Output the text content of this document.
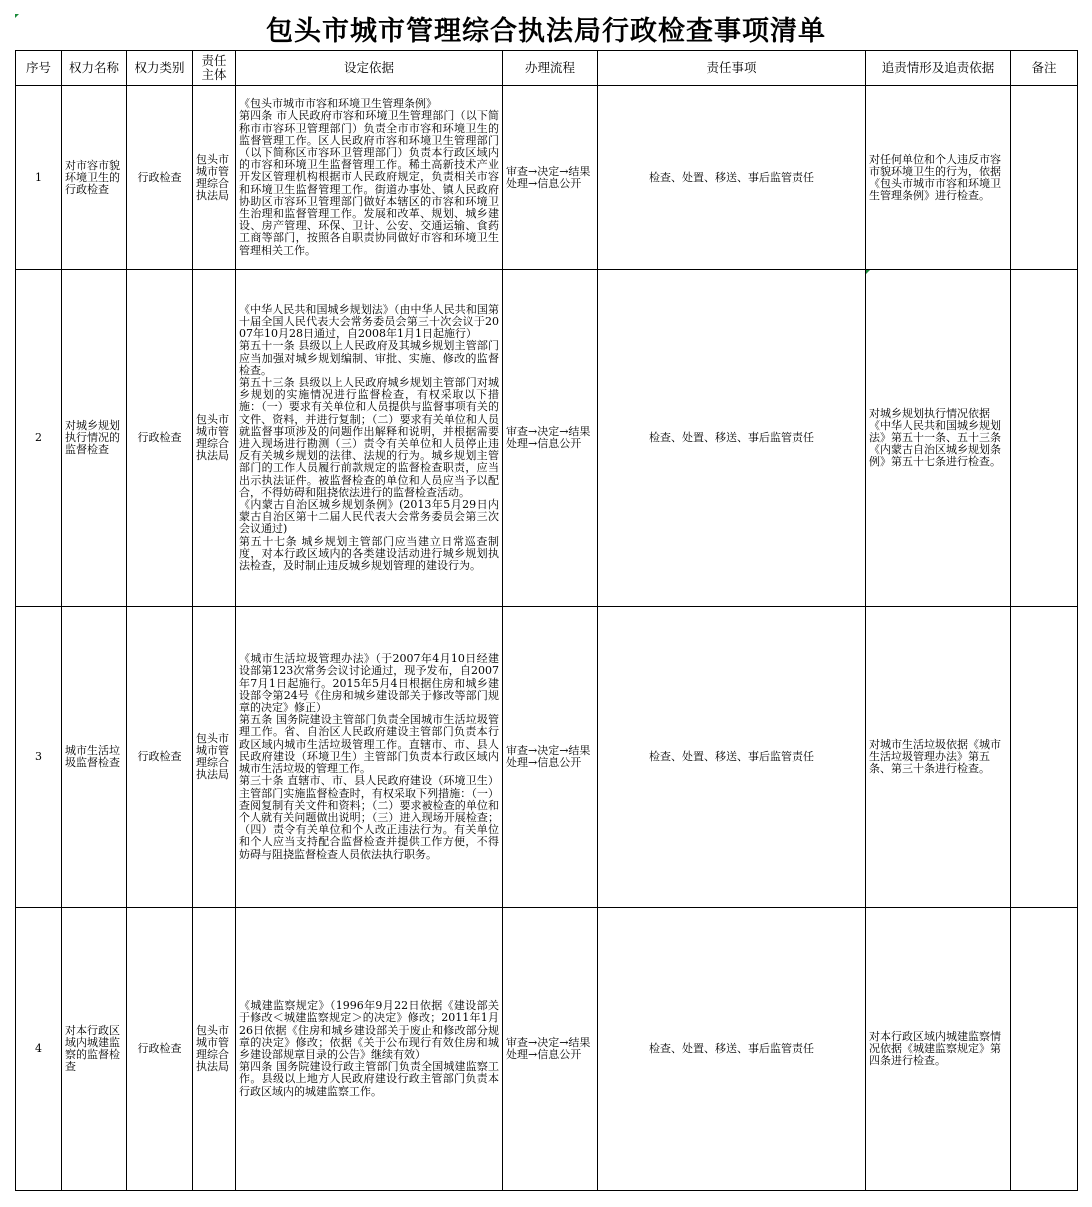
包头市城市管理综合执法局行政检查事项清单
序号	权力名称	权力类别	责任 主体	设定依据	办理流程	责任事项	追责情形及追责依据	备注
1	对市容市貌环境卫生的行政检查	行政检查	包头市城市管理综合执法局	《包头市城市市容和环境卫生管理条例》
第四条 市人民政府市容和环境卫生管理部门（以下简称市市容环卫管理部门）负责全市市容和环境卫生的监督管理工作。区人民政府市容和环境卫生管理部门（以下简称区市容环卫管理部门）负责本行政区域内的市容和环境卫生监督管理工作。稀土高新技术产业开发区管理机构根据市人民政府规定，负责相关市容和环境卫生监督管理工作。街道办事处、镇人民政府协助区市容环卫管理部门做好本辖区的市容和环境卫生治理和监督管理工作。发展和改革、规划、城乡建设、房产管理、环保、卫计、公安、交通运输、食药工商等部门，按照各自职责协同做好市容和环境卫生管理相关工作。	审查→决定→结果处理→信息公开	检查、处置、移送、事后监管责任	对任何单位和个人违反市容市貌环境卫生的行为，依据《包头市城市市容和环境卫生管理条例》进行检查。	
2	对城乡规划执行情况的监督检查	行政检查	包头市城市管理综合执法局	《中华人民共和国城乡规划法》（由中华人民共和国第十届全国人民代表大会常务委员会第三十次会议于2007年10月28日通过，自2008年1月1日起施行）
第五十一条 县级以上人民政府及其城乡规划主管部门应当加强对城乡规划编制、审批、实施、修改的监督检查。
第五十三条 县级以上人民政府城乡规划主管部门对城乡规划的实施情况进行监督检查，有权采取以下措施：（一）要求有关单位和人员提供与监督事项有关的文件、资料，并进行复制；（二）要求有关单位和人员就监督事项涉及的问题作出解释和说明，并根据需要进入现场进行勘测（三）责令有关单位和人员停止违反有关城乡规划的法律、法规的行为。城乡规划主管部门的工作人员履行前款规定的监督检查职责，应当出示执法证件。被监督检查的单位和人员应当予以配合，不得妨碍和阻挠依法进行的监督检查活动。
《内蒙古自治区城乡规划条例》(2013年5月29日内蒙古自治区第十二届人民代表大会常务委员会第三次会议通过)
第五十七条 城乡规划主管部门应当建立日常巡查制度，对本行政区域内的各类建设活动进行城乡规划执法检查，及时制止违反城乡规划管理的建设行为。	审查→决定→结果处理→信息公开	检查、处置、移送、事后监管责任	对城乡规划执行情况依据《中华人民共和国城乡规划法》第五十一条、五十三条《内蒙古自治区城乡规划条例》第五十七条进行检查。	
3	城市生活垃圾监督检查	行政检查	包头市城市管理综合执法局	《城市生活垃圾管理办法》（于2007年4月10日经建设部第123次常务会议讨论通过，现予发布，自2007年7月1日起施行。2015年5月4日根据住房和城乡建设部令第24号《住房和城乡建设部关于修改等部门规章的决定》修正）
第五条 国务院建设主管部门负责全国城市生活垃圾管理工作。省、自治区人民政府建设主管部门负责本行政区域内城市生活垃圾管理工作。直辖市、市、县人民政府建设（环境卫生）主管部门负责本行政区域内城市生活垃圾的管理工作。
第三十条 直辖市、市、县人民政府建设（环境卫生）主管部门实施监督检查时，有权采取下列措施：（一）查阅复制有关文件和资料；（二）要求被检查的单位和个人就有关问题做出说明；（三）进入现场开展检查；（四）责令有关单位和个人改正违法行为。有关单位和个人应当支持配合监督检查并提供工作方便，不得妨碍与阻挠监督检查人员依法执行职务。	审查→决定→结果处理→信息公开	检查、处置、移送、事后监管责任	对城市生活垃圾依据《城市生活垃圾管理办法》第五条、第三十条进行检查。	
4	对本行政区域内城建监察的监督检查	行政检查	包头市城市管理综合执法局	《城建监察规定》（1996年9月22日依据《建设部关于修改＜城建监察规定＞的决定》修改；2011年1月26日依据《住房和城乡建设部关于废止和修改部分规章的决定》修改；依据《关于公布现行有效住房和城乡建设部规章目录的公告》继续有效）
第四条 国务院建设行政主管部门负责全国城建监察工作。县级以上地方人民政府建设行政主管部门负责本行政区域内的城建监察工作。	审查→决定→结果处理→信息公开	检查、处置、移送、事后监管责任	对本行政区域内城建监察情况依据《城建监察规定》第四条进行检查。	
